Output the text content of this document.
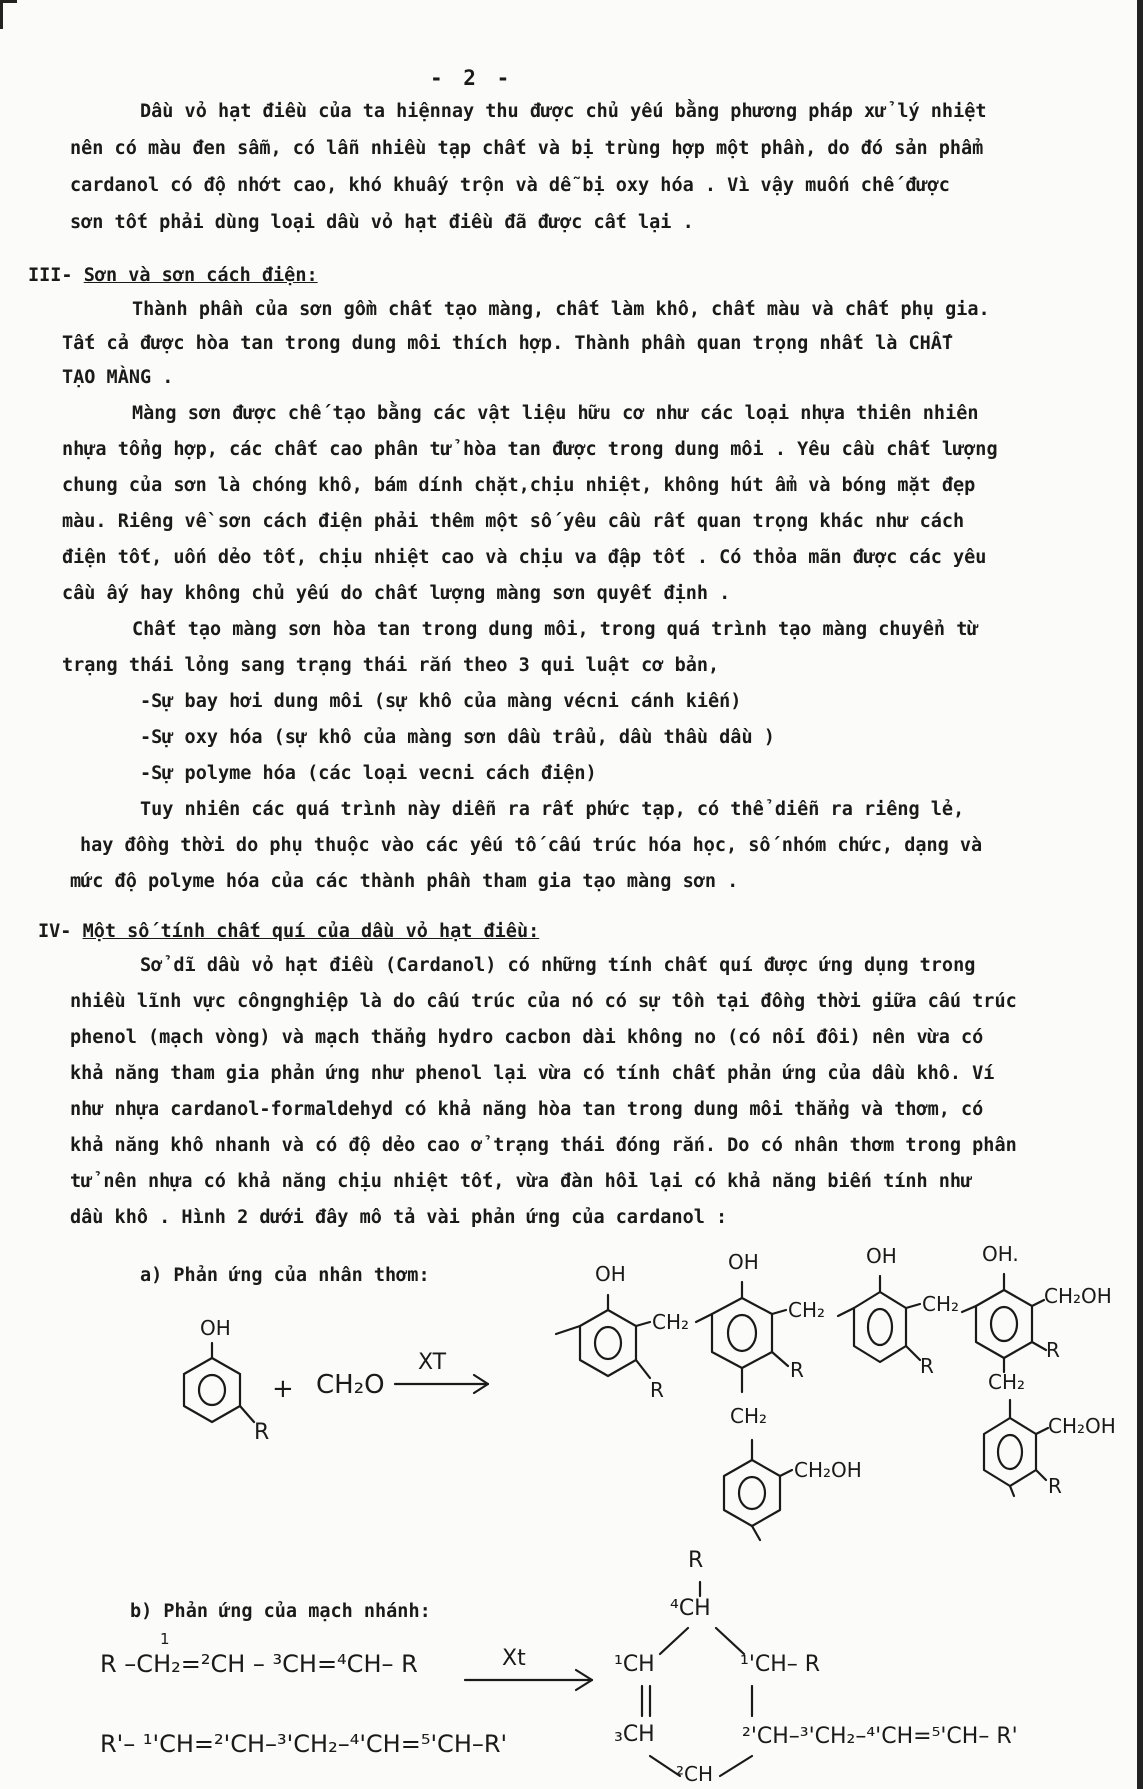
- 2 -
Dầu vỏ hạt điều của ta hiệnnay thu được chủ yếu bằng phương pháp xử lý nhiệt
nên có màu đen sẫm, có lẫn nhiều tạp chất và bị trùng hợp một phần, do đó sản phẩm
cardanol có độ nhớt cao, khó khuấy trộn và dễ bị oxy hóa . Vì vậy muốn chế được
sơn tốt phải dùng loại dầu vỏ hạt điều đã được cất lại .
III- Sơn và sơn cách điện:
Thành phần của sơn gồm chất tạo màng, chất làm khô, chất màu và chất phụ gia.
Tất cả được hòa tan trong dung môi thích hợp. Thành phần quan trọng nhất là CHẤT
TẠO MÀNG .
Màng sơn được chế tạo bằng các vật liệu hữu cơ như các loại nhựa thiên nhiên
nhựa tổng hợp, các chất cao phân tử hòa tan được trong dung môi . Yêu cầu chất lượng
chung của sơn là chóng khô, bám dính chặt,chịu nhiệt, không hút ẩm và bóng mặt đẹp
màu. Riêng về sơn cách điện phải thêm một số yêu cầu rất quan trọng khác như cách
điện tốt, uốn dẻo tốt, chịu nhiệt cao và chịu va đập tốt . Có thỏa mãn được các yêu
cầu ấy hay không chủ yếu do chất lượng màng sơn quyết định .
Chất tạo màng sơn hòa tan trong dung môi, trong quá trình tạo màng chuyển từ
trạng thái lỏng sang trạng thái rắn theo 3 qui luật cơ bản,
-Sự bay hơi dung môi (sự khô của màng vécni cánh kiến)
-Sự oxy hóa (sự khô của màng sơn dầu trẩu, dầu thầu dầu )
-Sự polyme hóa (các loại vecni cách điện)
Tuy nhiên các quá trình này diễn ra rất phức tạp, có thể diễn ra riêng lẻ,
hay đồng thời do phụ thuộc vào các yếu tố cấu trúc hóa học, số nhóm chức, dạng và
mức độ polyme hóa của các thành phần tham gia tạo màng sơn .
IV- Một số tính chất quí của dầu vỏ hạt điều:
Sở dĩ dầu vỏ hạt điều (Cardanol) có những tính chất quí được ứng dụng trong
nhiều lĩnh vực côngnghiệp là do cấu trúc của nó có sự tồn tại đồng thời giữa cấu trúc
phenol (mạch vòng) và mạch thẳng hydro cacbon dài không no (có nối đôi) nên vừa có
khả năng tham gia phản ứng như phenol lại vừa có tính chất phản ứng của dầu khô. Ví
như nhựa cardanol-formaldehyd có khả năng hòa tan trong dung môi thẳng và thơm, có
khả năng khô nhanh và có độ dẻo cao ở trạng thái đóng rắn. Do có nhân thơm trong phân
tử nên nhựa có khả năng chịu nhiệt tốt, vừa đàn hồi lại có khả năng biến tính như
dầu khô . Hình 2 dưới đây mô tả vài phản ứng của cardanol :
a) Phản ứng của nhân thơm:
OH
R
+ CH₂O
XT
OH	OH	OH	OH.
CH₂	CH₂	CH₂
CH₂
CH₂
R
R	R
R
R
CH₂OH
CH₂OH
CH₂OH
b) Phản ứng của mạch nhánh:
R –CH₂=²CH – ³CH=⁴CH– R
1
R'– ¹'CH=²'CH–³'CH₂–⁴'CH=⁵'CH–R'
Xt
R
⁴CH
¹'CH– R
¹CH
₃CH
²CH
²'CH–³'CH₂–⁴'CH=⁵'CH– R'
